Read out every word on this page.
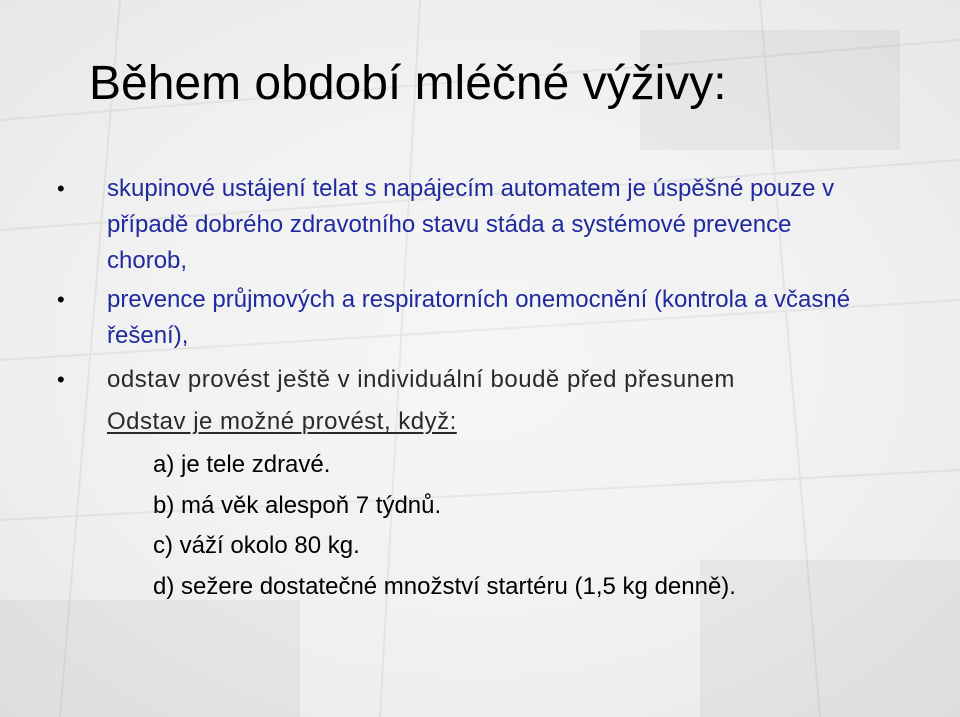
Během období mléčné výživy:
• skupinové ustájení telat s napájecím automatem je úspěšné pouze v případě dobrého zdravotního stavu stáda a systémové prevence chorob,
• prevence průjmových a respiratorních onemocnění (kontrola a včasné řešení),
• odstav provést ještě v individuální boudě před přesunem
Odstav je možné provést, když:
a) je tele zdravé.
b) má věk alespoň 7 týdnů.
c) váží okolo 80 kg.
d) sežere dostatečné množství startéru (1,5 kg denně).
